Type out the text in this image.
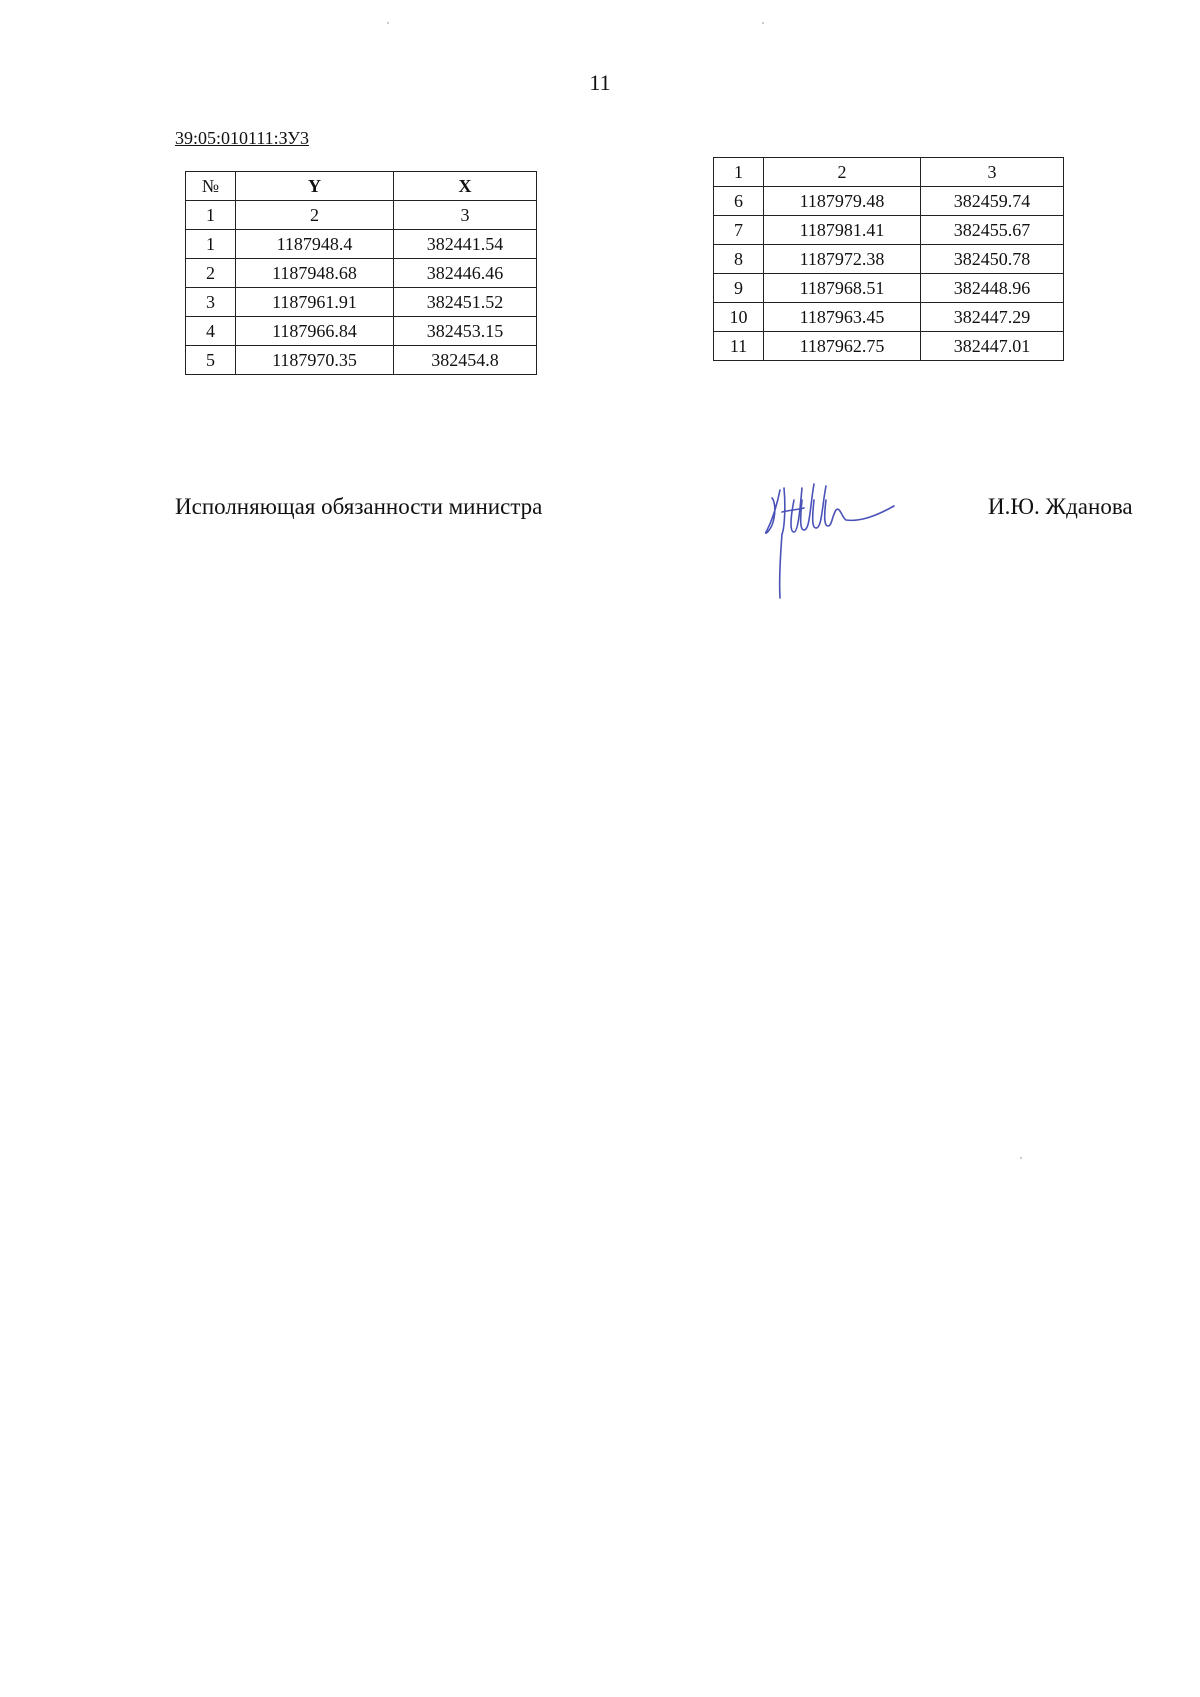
11
39:05:010111:ЗУ3
№	Y	X
1	2	3
1	1187948.4	382441.54
2	1187948.68	382446.46
3	1187961.91	382451.52
4	1187966.84	382453.15
5	1187970.35	382454.8
1	2	3
6	1187979.48	382459.74
7	1187981.41	382455.67
8	1187972.38	382450.78
9	1187968.51	382448.96
10	1187963.45	382447.29
11	1187962.75	382447.01
Исполняющая обязанности министра	И.Ю. Жданова
